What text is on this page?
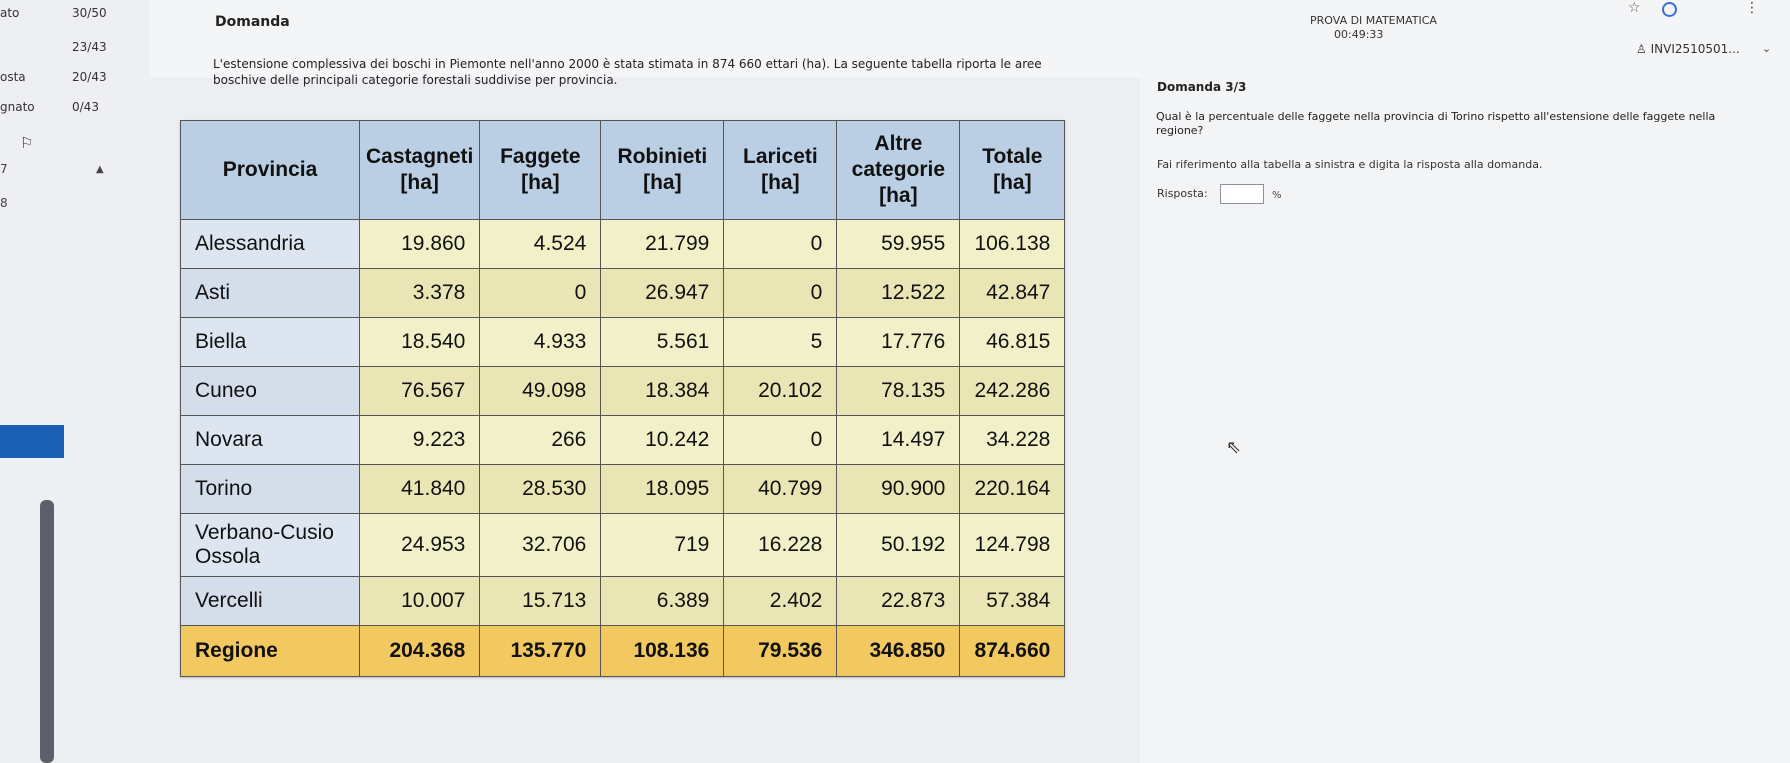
ato	30/50
23/43
osta	20/43
gnato	0/43
⚐
7	▲
8
Domanda	PROVA DI MATEMATICA
00:49:33
☆	⋮
♙ INVI2510501... ⌄
L'estensione complessiva dei boschi in Piemonte nell'anno 2000 è stata stimata in 874 660 ettari (ha). La seguente tabella riporta le aree boschive delle principali categorie forestali suddivise per provincia.
Provincia	Castagneti [ha]	Faggete [ha]	Robinieti [ha]	Lariceti [ha]	Altre categorie [ha]	Totale [ha]
Alessandria	19.860	4.524	21.799	0	59.955	106.138
Asti	3.378	0	26.947	0	12.522	42.847
Biella	18.540	4.933	5.561	5	17.776	46.815
Cuneo	76.567	49.098	18.384	20.102	78.135	242.286
Novara	9.223	266	10.242	0	14.497	34.228
Torino	41.840	28.530	18.095	40.799	90.900	220.164
Verbano-Cusio Ossola	24.953	32.706	719	16.228	50.192	124.798
Vercelli	10.007	15.713	6.389	2.402	22.873	57.384
Regione	204.368	135.770	108.136	79.536	346.850	874.660
Domanda 3/3
Qual è la percentuale delle faggete nella provincia di Torino rispetto all'estensione delle faggete nella regione?
Fai riferimento alla tabella a sinistra e digita la risposta alla domanda.
Risposta:	%
⇖
